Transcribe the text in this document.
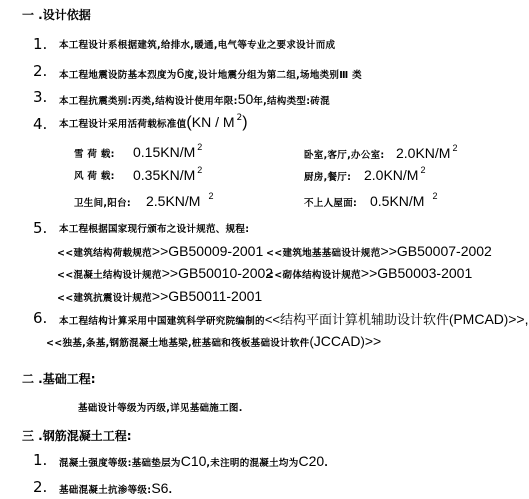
一 .设计依据
1. 本工程设计系根据建筑,给排水,暖通,电气等专业之要求设计而成
2. 本工程地震设防基本烈度为6度,设计地震分组为第二组,场地类别Ⅲ 类
3. 本工程抗震类别:丙类,结构设计使用年限:50年,结构类型:砖混
4. 本工程设计采用活荷载标准值(KN / M $^2$)
雪 荷 载: 0.15KN/M $^2$
风 荷 载: 0.35KN/M $^2$
卫生间,阳台: 2.5KN/M $^2$
卧室,客厅,办公室: 2.0KN/M $^2$
厨房,餐厅: 2.0KN/M $^2$
不上人屋面: 0.5KN/M $^2$
5. 本工程根据国家现行颁布之设计规范、规程:
<<建筑结构荷载规范>>GB50009-2001 <<建筑地基基础设计规范>>GB50007-2002
<<混凝土结构设计规范>>GB50010-2002
<<砌体结构设计规范>>GB50003-2001
<<建筑抗震设计规范>>GB50011-2001
6. 本工程结构计算采用中国建筑科学研究院编制的<<结构平面计算机辅助设计软件(PMCAD)>>,
<<独基,条基,钢筋混凝土地基梁,桩基础和筏板基础设计软件(JCCAD)>>
二 .基础工程:
基础设计等级为丙级,详见基础施工图.
三 .钢筋混凝土工程:
1. 混凝土强度等级:基础垫层为C10,未注明的混凝土均为C20.
2. 基础混凝土抗渗等级:S6.
